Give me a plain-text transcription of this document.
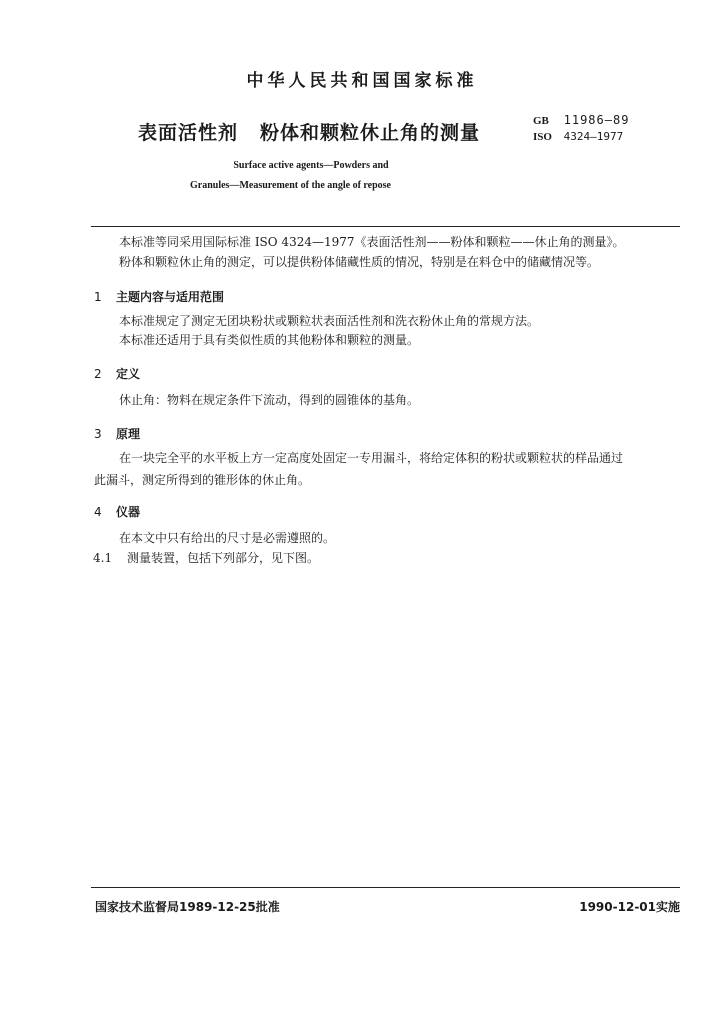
中华人民共和国国家标准
表面活性剂 粉体和颗粒休止角的测量
GB 11986—89
ISO 4324—1977
Surface active agents—Powders and
Granules—Measurement of the angle of repose
本标准等同采用国际标准 ISO 4324—1977《表面活性剂——粉体和颗粒——休止角的测量》。
粉体和颗粒休止角的测定，可以提供粉体储藏性质的情况，特别是在料仓中的储藏情况等。
1 主题内容与适用范围
本标准规定了测定无团块粉状或颗粒状表面活性剂和洗衣粉休止角的常规方法。
本标准还适用于具有类似性质的其他粉体和颗粒的测量。
2 定义
休止角：物料在规定条件下流动，得到的圆锥体的基角。
3 原理
在一块完全平的水平板上方一定高度处固定一专用漏斗，将给定体积的粉状或颗粒状的样品通过
此漏斗，测定所得到的锥形体的休止角。
4 仪器
在本文中只有给出的尺寸是必需遵照的。
4.1 测量装置，包括下列部分，见下图。
国家技术监督局1989-12-25批准	1990-12-01实施
